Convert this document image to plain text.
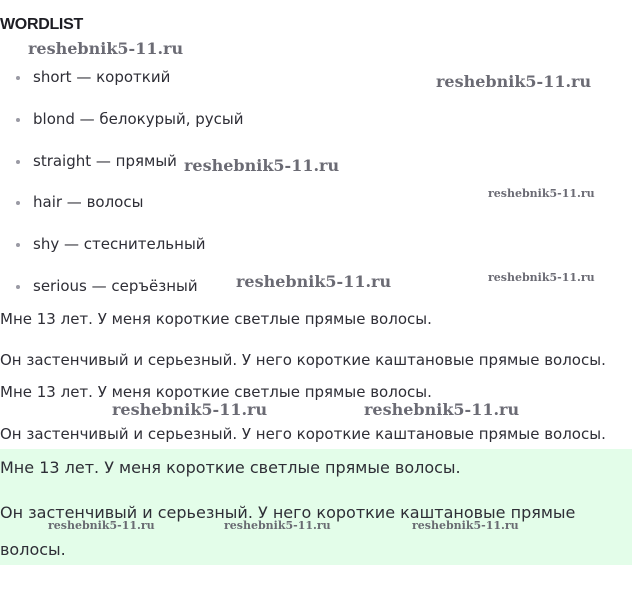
WORDLIST
short — короткий
blond — белокурый, русый
straight — прямый
hair — волосы
shy — стеснительный
serious — серъёзный

Мне 13 лет. У меня короткие светлые прямые волосы.

Он застенчивый и серьезный. У него короткие каштановые прямые волосы.

Мне 13 лет. У меня короткие светлые прямые волосы.

Он застенчивый и серьезный. У него короткие каштановые прямые волосы.

Мне 13 лет. У меня короткие светлые прямые волосы.

Он застенчивый и серьезный. У него короткие каштановые прямые

волосы.

reshebnik5-11.ru
reshebnik5-11.ru
reshebnik5-11.ru
reshebnik5-11.ru
reshebnik5-11.ru	reshebnik5-11.ru
reshebnik5-11.ru	reshebnik5-11.ru
reshebnik5-11.ru	reshebnik5-11.ru	reshebnik5-11.ru
